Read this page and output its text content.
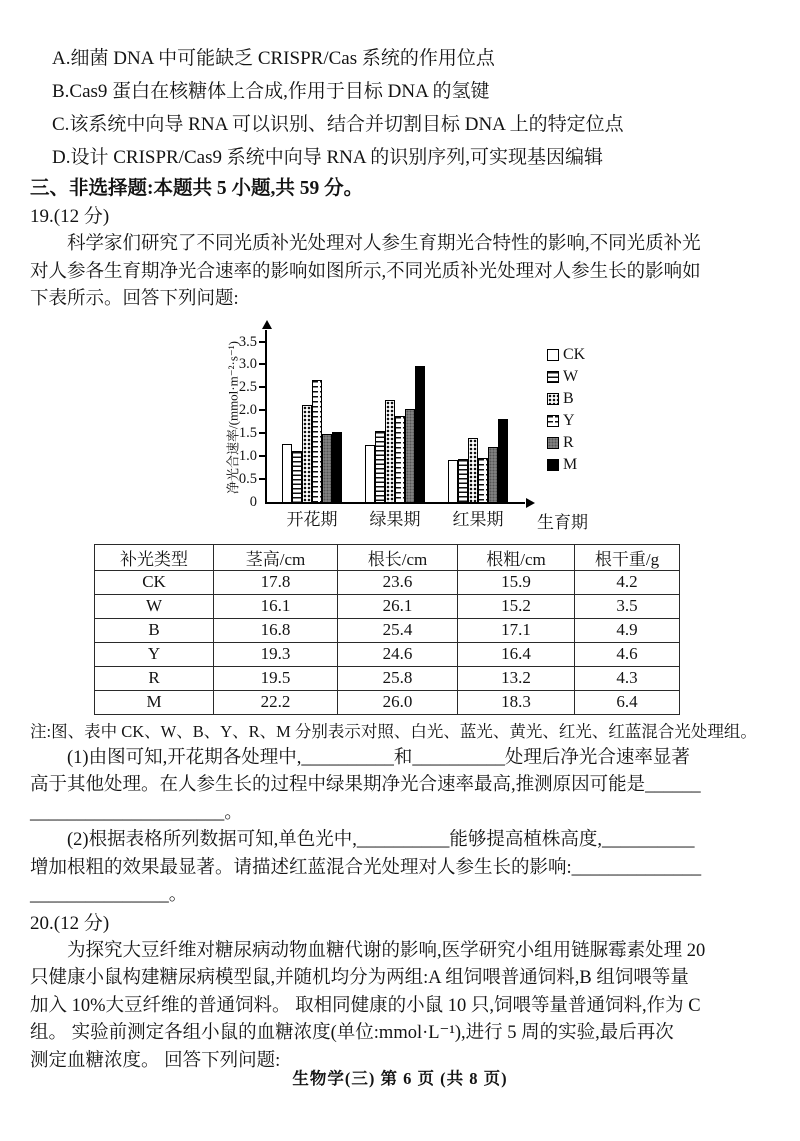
A.细菌 DNA 中可能缺乏 CRISPR/Cas 系统的作用位点
B.Cas9 蛋白在核糖体上合成,作用于目标 DNA 的氢键
C.该系统中向导 RNA 可以识别、结合并切割目标 DNA 上的特定位点
D.设计 CRISPR/Cas9 系统中向导 RNA 的识别序列,可实现基因编辑
三、非选择题:本题共 5 小题,共 59 分。
19.(12 分)
科学家们研究了不同光质补光处理对人参生育期光合特性的影响,不同光质补光
对人参各生育期净光合速率的影响如图所示,不同光质补光处理对人参生长的影响如
下表所示。回答下列问题:
净光合速率/(mmol·m⁻²·s⁻¹)
0
0.5
1.0
1.5
2.0
2.5
3.0
3.5
开花期	绿果期	红果期	生育期
CK
W
B
Y
R
M
补光类型	茎高/cm	根长/cm	根粗/cm	根干重/g
CK	17.8	23.6	15.9	4.2
W	16.1	26.1	15.2	3.5
B	16.8	25.4	17.1	4.9
Y	19.3	24.6	16.4	4.6
R	19.5	25.8	13.2	4.3
M	22.2	26.0	18.3	6.4
注:图、表中 CK、W、B、Y、R、M 分别表示对照、白光、蓝光、黄光、红光、红蓝混合光处理组。
(1)由图可知,开花期各处理中,__________和__________处理后净光合速率显著
高于其他处理。在人参生长的过程中绿果期净光合速率最高,推测原因可能是______
_____________________。
(2)根据表格所列数据可知,单色光中,__________能够提高植株高度,__________
增加根粗的效果最显著。请描述红蓝混合光处理对人参生长的影响:______________
_______________。
20.(12 分)
为探究大豆纤维对糖尿病动物血糖代谢的影响,医学研究小组用链脲霉素处理 20
只健康小鼠构建糖尿病模型鼠,并随机均分为两组:A 组饲喂普通饲料,B 组饲喂等量
加入 10%大豆纤维的普通饲料。 取相同健康的小鼠 10 只,饲喂等量普通饲料,作为 C
组。 实验前测定各组小鼠的血糖浓度(单位:mmol·L⁻¹),进行 5 周的实验,最后再次
测定血糖浓度。 回答下列问题:
生物学(三) 第 6 页 (共 8 页)
